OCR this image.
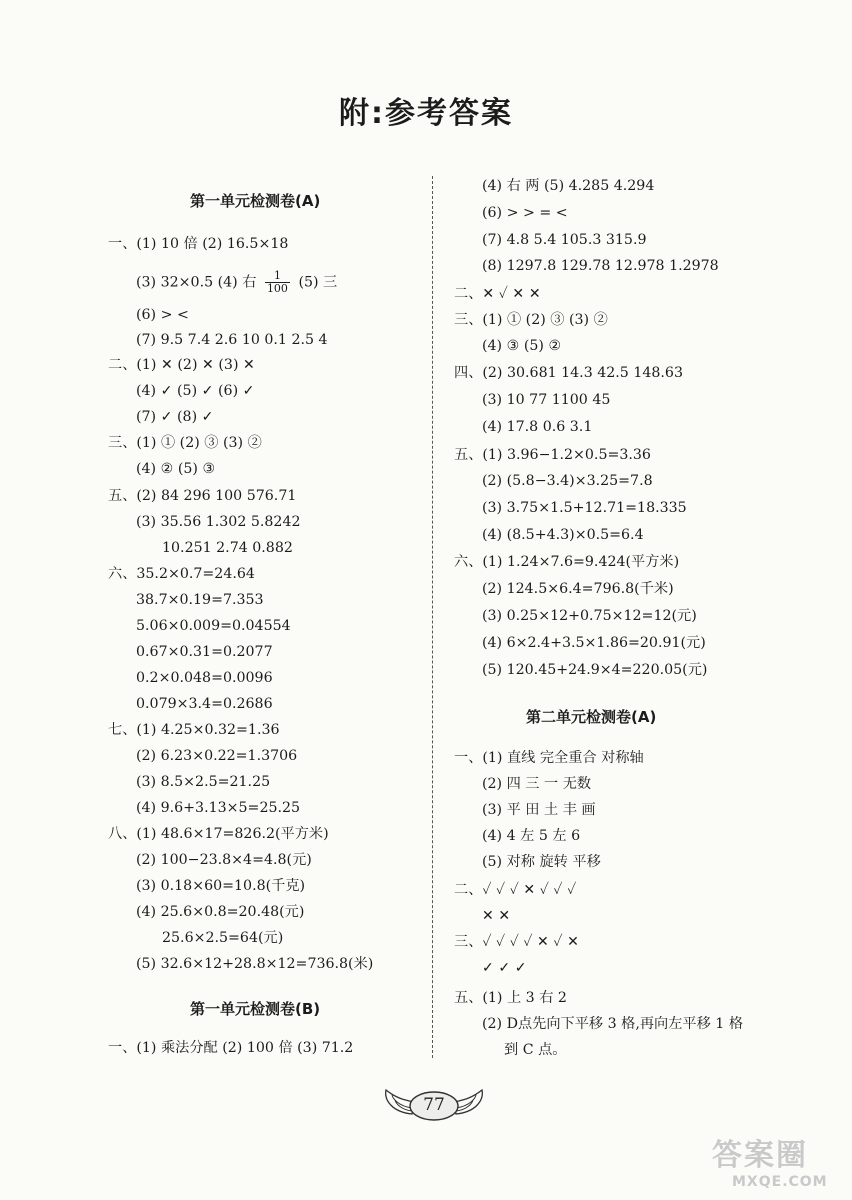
附:参考答案
第一单元检测卷(A)
一、(1) 10 倍 (2) 16.5×18
(3) 32×0.5 (4) 右 $\frac{1}{100} (5)$ 三
(6) > <
(7) 9.5 7.4 2.6 10 0.1 2.5 4
二、(1) ✕ (2) ✕ (3) ✕
(4) ✓ (5) ✓ (6) ✓
(7) ✓ (8) ✓
三、(1) ① (2) ③ (3) ②
(4) ② (5) ③
五、(2) 84 296 100 576.71
(3) 35.56 1.302 5.8242
10.251 2.74 0.882
六、35.2×0.7=24.64
38.7×0.19=7.353
5.06×0.009=0.04554
0.67×0.31=0.2077
0.2×0.048=0.0096
0.079×3.4=0.2686
七、(1) 4.25×0.32=1.36
(2) 6.23×0.22=1.3706
(3) 8.5×2.5=21.25
(4) 9.6+3.13×5=25.25
八、(1) 48.6×17=826.2(平方米)
(2) 100−23.8×4=4.8(元)
(3) 0.18×60=10.8(千克)
(4) 25.6×0.8=20.48(元)
25.6×2.5=64(元)
(5) 32.6×12+28.8×12=736.8(米)
第一单元检测卷(B)
一、(1) 乘法分配 (2) 100 倍 (3) 71.2
(4) 右 两 (5) 4.285 4.294
(6) > > = <
(7) 4.8 5.4 105.3 315.9
(8) 1297.8 129.78 12.978 1.2978
二、✕ ✓ ✕ ✕
三、(1) ① (2) ③ (3) ②
(4) ③ (5) ②
四、(2) 30.681 14.3 42.5 148.63
(3) 10 77 1100 45
(4) 17.8 0.6 3.1
五、(1) 3.96−1.2×0.5=3.36
(2) (5.8−3.4)×3.25=7.8
(3) 3.75×1.5+12.71=18.335
(4) (8.5+4.3)×0.5=6.4
六、(1) 1.24×7.6=9.424(平方米)
(2) 124.5×6.4=796.8(千米)
(3) 0.25×12+0.75×12=12(元)
(4) 6×2.4+3.5×1.86=20.91(元)
(5) 120.45+24.9×4=220.05(元)
第二单元检测卷(A)
一、(1) 直线 完全重合 对称轴
(2) 四 三 一 无数
(3) 平 田 土 丰 画
(4) 4 左 5 左 6
(5) 对称 旋转 平移
二、✓ ✓ ✓ ✕ ✓ ✓ ✓
✕ ✕
三、✓ ✓ ✓ ✓ ✕ ✓ ✕
✓ ✓ ✓
五、(1) 上 3 右 2
(2) D点先向下平移 3 格,再向左平移 1 格
到 C 点。
77
答案圈
MXQE.COM
